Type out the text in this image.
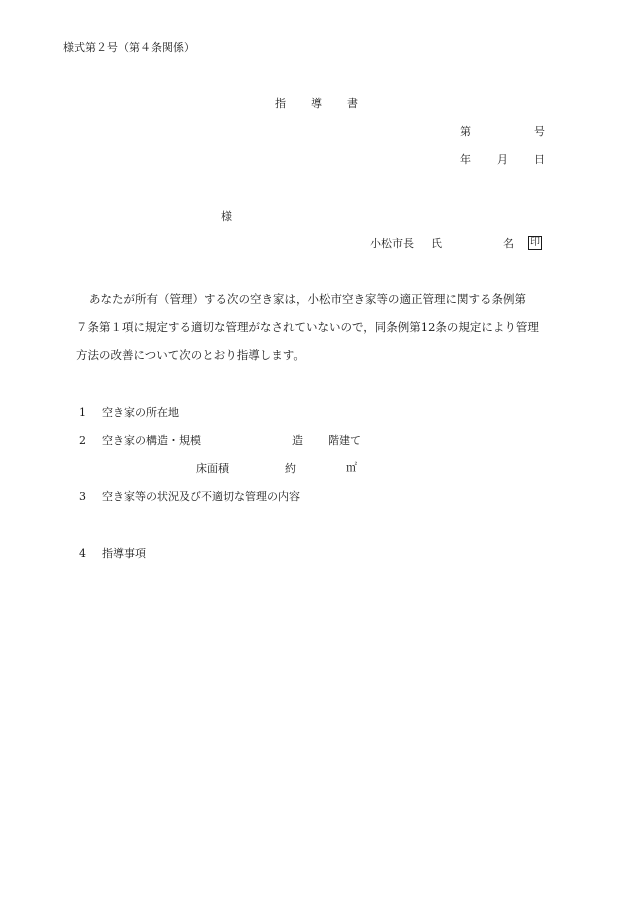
様式第２号（第４条関係）
指 導 書
第	号
年 月 日
様
小松市長 氏	名 印
あなたが所有（管理）する次の空き家は，小松市空き家等の適正管理に関する条例第
７条第１項に規定する適切な管理がなされていないので，同条例第12条の規定により管理
方法の改善について次のとおり指導します。
1 空き家の所在地
2 空き家の構造・規模	造 階建て
床面積	約	㎡
3 空き家等の状況及び不適切な管理の内容
4 指導事項
